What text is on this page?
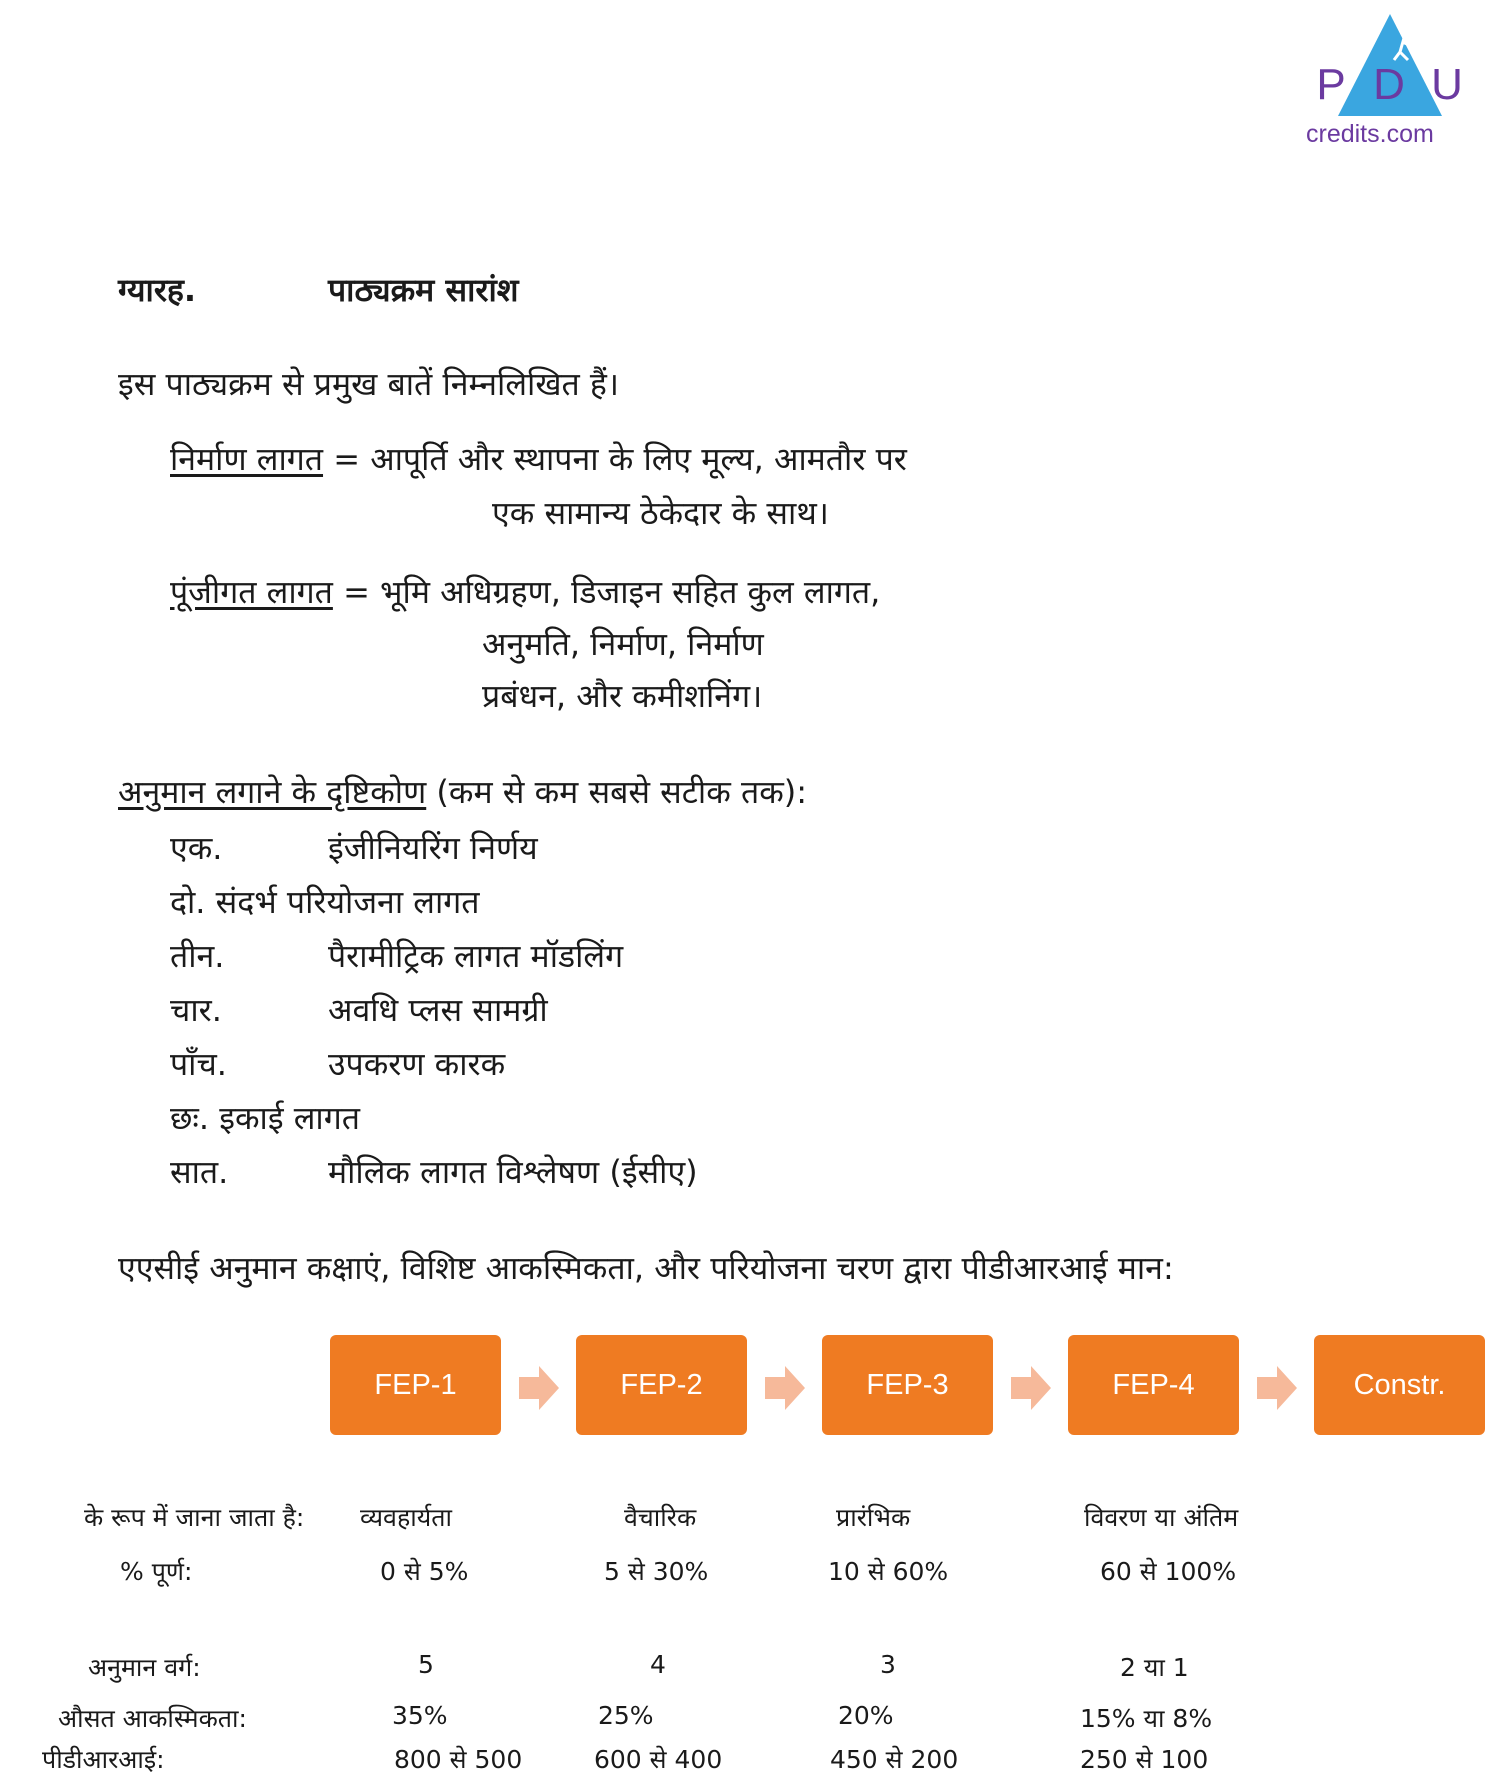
P D U
credits.com
ग्यारह.	पाठ्यक्रम सारांश
इस पाठ्यक्रम से प्रमुख बातें निम्नलिखित हैं।
निर्माण लागत = आपूर्ति और स्थापना के लिए मूल्य, आमतौर पर
एक सामान्य ठेकेदार के साथ।
पूंजीगत लागत = भूमि अधिग्रहण, डिजाइन सहित कुल लागत,
अनुमति, निर्माण, निर्माण
प्रबंधन, और कमीशनिंग।
अनुमान लगाने के दृष्टिकोण (कम से कम सबसे सटीक तक):
एक.	इंजीनियरिंग निर्णय
दो. संदर्भ परियोजना लागत
तीन.	पैरामीट्रिक लागत मॉडलिंग
चार.	अवधि प्लस सामग्री
पाँच.	उपकरण कारक
छः. इकाई लागत
सात.	मौलिक लागत विश्लेषण (ईसीए)
एएसीई अनुमान कक्षाएं, विशिष्ट आकस्मिकता, और परियोजना चरण द्वारा पीडीआरआई मान:
FEP-1	FEP-2	FEP-3	FEP-4	Constr.
के रूप में जाना जाता है: व्यवहार्यता	वैचारिक	प्रारंभिक	विवरण या अंतिम
% पूर्ण:	0 से 5%	5 से 30%	10 से 60%	60 से 100%
अनुमान वर्ग:	5	4	3	2 या 1
औसत आकस्मिकता:	35%	25%	20%	15% या 8%
पीडीआरआई:	800 से 500	600 से 400	450 से 200	250 से 100
